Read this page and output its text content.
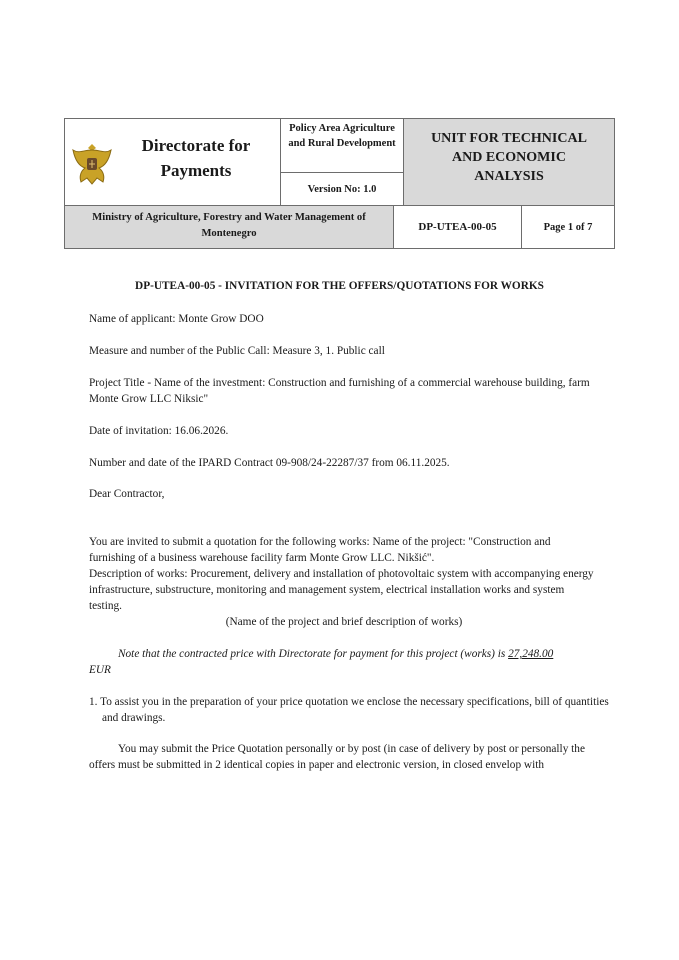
Directorate for Payments
Policy Area Agriculture and Rural Development
Version No: 1.0
UNIT FOR TECHNICAL AND ECONOMIC ANALYSIS
Ministry of Agriculture, Forestry and Water Management of Montenegro
DP-UTEA-00-05	Page 1 of 7

DP-UTEA-00-05 - INVITATION FOR THE OFFERS/QUOTATIONS FOR WORKS

Name of applicant: Monte Grow DOO

Measure and number of the Public Call: Measure 3, 1. Public call

Project Title - Name of the investment: Construction and furnishing of a commercial warehouse building, farm Monte Grow LLC Niksic"

Date of invitation: 16.06.2026.

Number and date of the IPARD Contract 09-908/24-22287/37 from 06.11.2025.

Dear Contractor,

You are invited to submit a quotation for the following works: Name of the project: "Construction and furnishing of a business warehouse facility farm Monte Grow LLC. Nikšić".

Description of works: Procurement, delivery and installation of photovoltaic system with accompanying energy infrastructure, substructure, monitoring and management system, electrical installation works and system testing.

(Name of the project and brief description of works)

Note that the contracted price with Directorate for payment for this project (works) is 27,248.00

EUR

1. To assist you in the preparation of your price quotation we enclose the necessary specifications, bill of quantities and drawings.

You may submit the Price Quotation personally or by post (in case of delivery by post or personally the offers must be submitted in 2 identical copies in paper and electronic version, in closed envelop with
